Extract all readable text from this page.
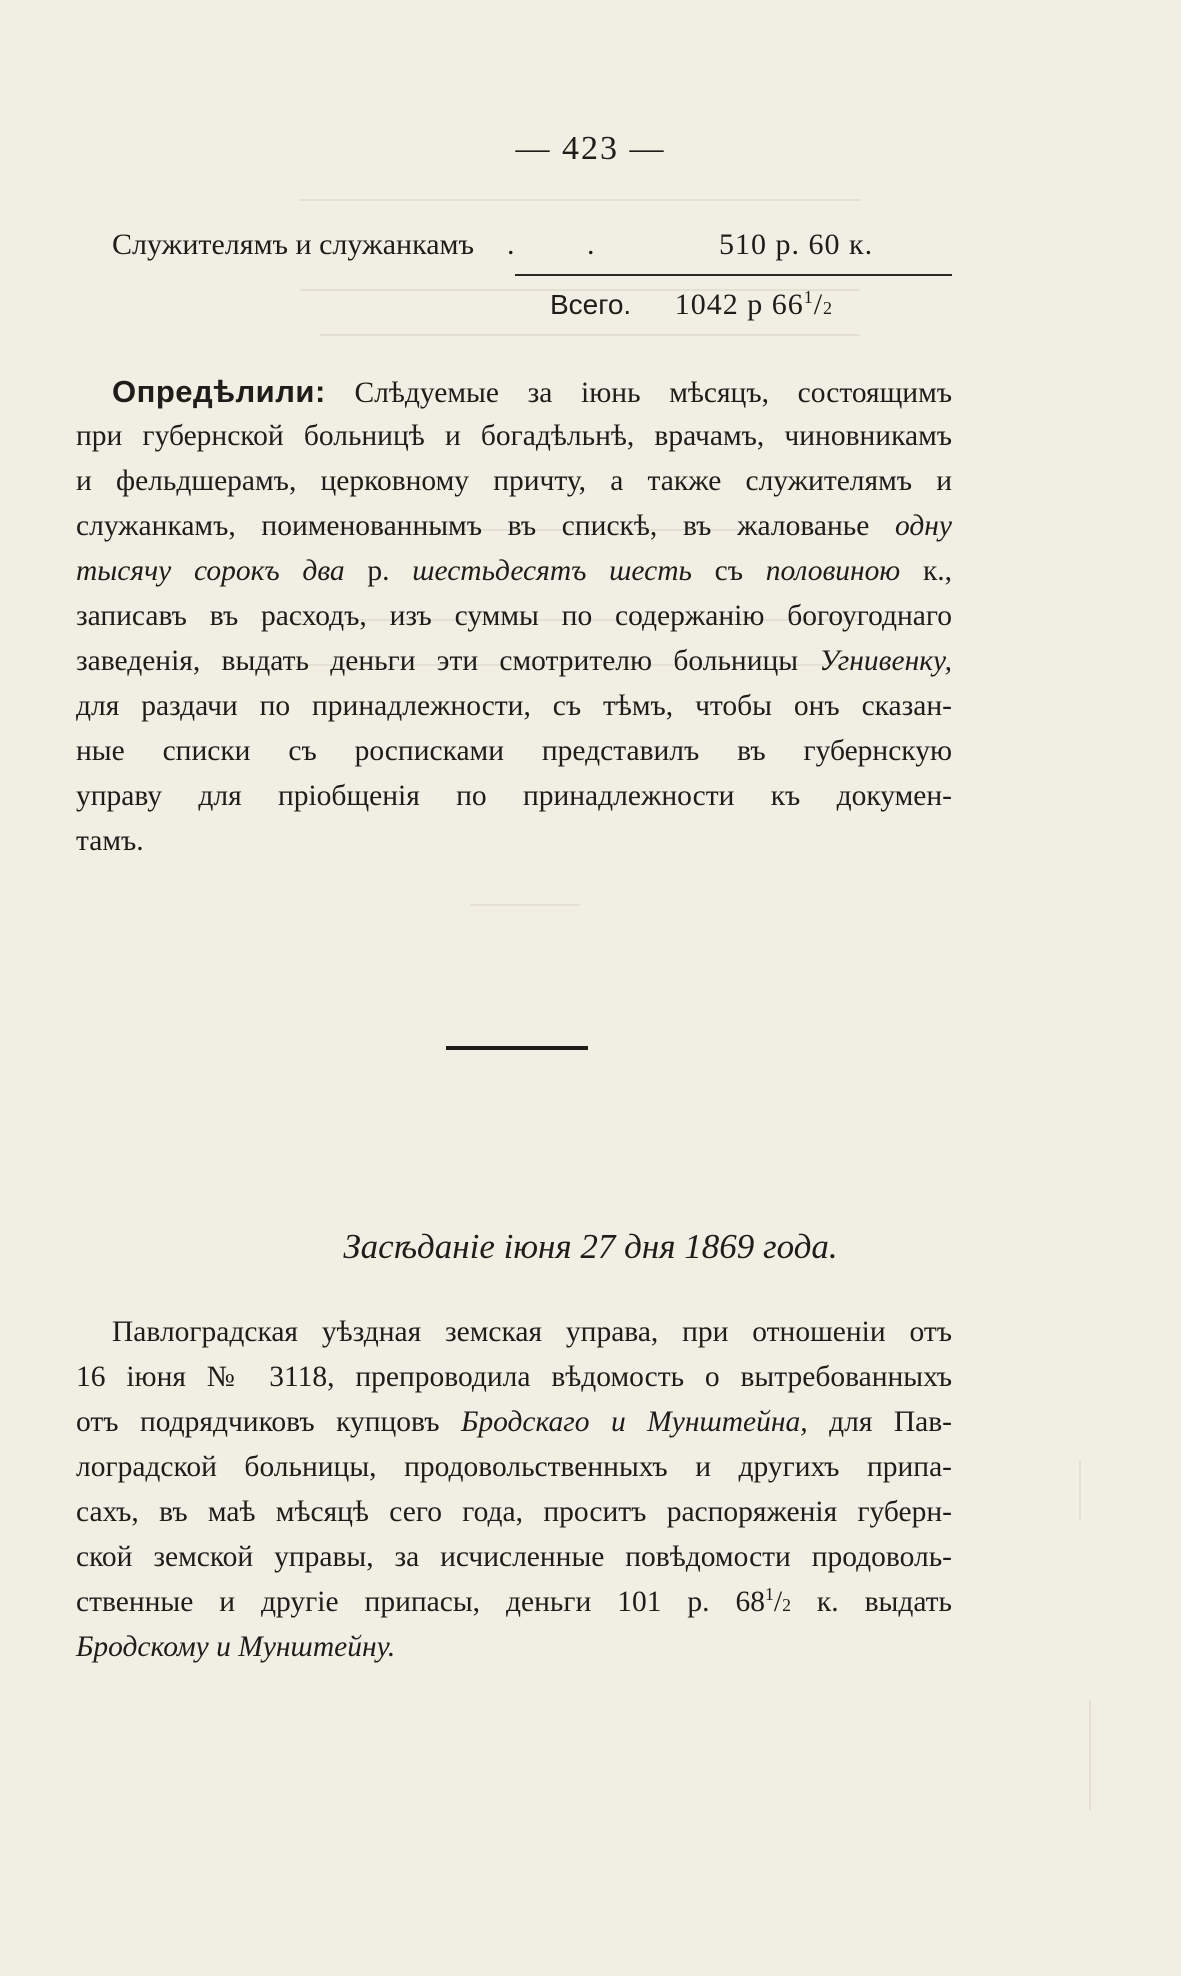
— 423 —
Служителямъ и служанкамъ . .	510 р. 60 к.
Всего. 1042 р $66^1/2$
Опредѣлили: Слѣдуемые за іюнь мѣсяцъ, состоящимъ
при губернской больницѣ и богадѣльнѣ, врачамъ, чиновникамъ
и фельдшерамъ, церковному причту, а также служителямъ и
служанкамъ, поименованнымъ въ спискѣ, въ жалованье одну
тысячу сорокъ два р. шестьдесятъ шесть съ половиною к.,
записавъ въ расходъ, изъ суммы по содержанію богоугоднаго
заведенія, выдать деньги эти смотрителю больницы Угнивенку,
для раздачи по принадлежности, съ тѣмъ, чтобы онъ сказан-
ные списки съ росписками представилъ въ губернскую
управу для пріобщенія по принадлежности къ докумен-
тамъ.
Засѣданіе іюня 27 дня 1869 года.
Павлоградская уѣздная земская управа, при отношеніи отъ
16 іюня № 3118, препроводила вѣдомость о вытребованныхъ
отъ подрядчиковъ купцовъ Бродскаго и Мунштейна, для Пав-
лоградской больницы, продовольственныхъ и другихъ припа-
сахъ, въ маѣ мѣсяцѣ сего года, проситъ распоряженія губерн-
ской земской управы, за исчисленные повѣдомости продоволь-
ственные и другіе припасы, деньги 101 р. $68^1/2$ к. выдать
Бродскому и Мунштейну.
